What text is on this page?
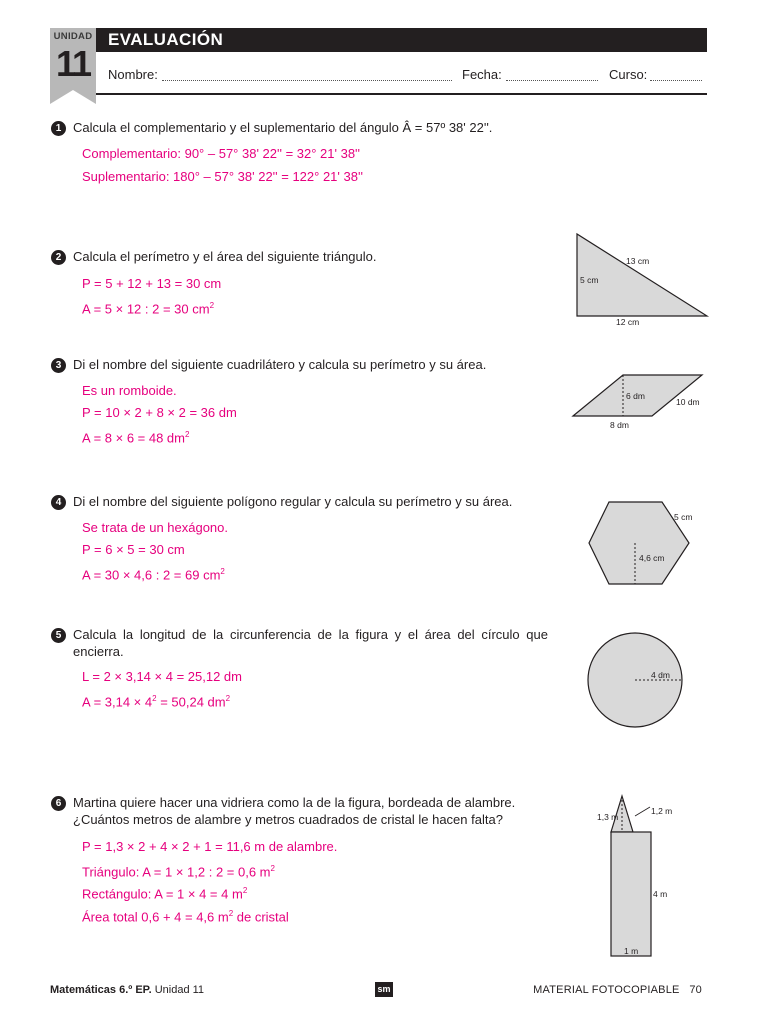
UNIDAD
11
EVALUACIÓN
Nombre:	Fecha:	Curso:
1 Calcula el complementario y el suplementario del ángulo Â = 57º 38' 22''.
Complementario: 90° – 57° 38' 22'' = 32° 21' 38''
Suplementario: 180° – 57° 38' 22'' = 122° 21' 38''
2 Calcula el perímetro y el área del siguiente triángulo.
P = 5 + 12 + 13 = 30 cm
A = 5 × 12 : 2 = 30 $cm^2$
13 cm
5 cm
12 cm
3 Di el nombre del siguiente cuadrilátero y calcula su perímetro y su área.
Es un romboide.
P = 10 × 2 + 8 × 2 = 36 dm
A = 8 × 6 = 48 $dm^2$
6 dm
10 dm
8 dm
4 Di el nombre del siguiente polígono regular y calcula su perímetro y su área.
Se trata de un hexágono.
P = 6 × 5 = 30 cm
A = 30 × 4,6 : 2 = 69 $cm^2$
5 cm
4,6 cm
5 Calcula la longitud de la circunferencia de la figura y el área del círculo que encierra.
L = 2 × 3,14 × 4 = 25,12 dm
$A = 3,14 \times 4^2 = 50,24$ $dm^2$
4 dm
6 Martina quiere hacer una vidriera como la de la figura, bordeada de alambre. ¿Cuántos metros de alambre y metros cuadrados de cristal le hacen falta?
P = 1,3 × 2 + 4 × 2 + 1 = 11,6 m de alambre.
Triángulo: A = 1 × 1,2 : 2 = 0,6 $m^2$
Rectángulo: A = 1 × 4 = 4 $m^2$
Área total 0,6 + 4 = 4,6 $m^2$ de cristal
1,3 m
1,2 m
4 m
1 m
Matemáticas 6.º EP. Unidad 11	sm	MATERIAL FOTOCOPIABLE 70
